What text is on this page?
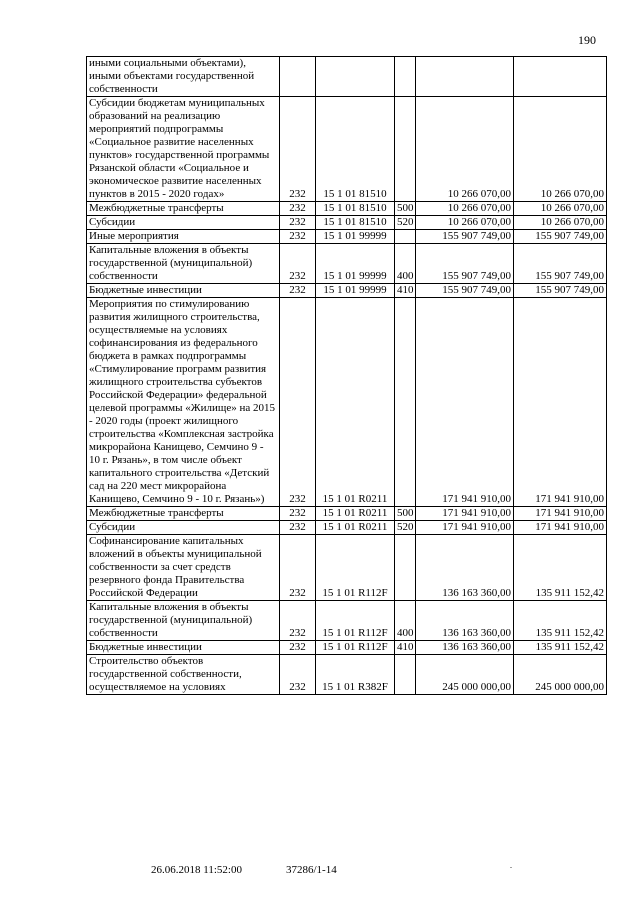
190
иными социальными объектами), иными объектами государственной собственности					
Субсидии бюджетам муниципальных образований на реализацию мероприятий подпрограммы «Социальное развитие населенных пунктов» государственной программы Рязанской области «Социальное и экономическое развитие населенных пунктов в 2015 - 2020 годах»	232	15 1 01 81510		10 266 070,00	10 266 070,00
Межбюджетные трансферты	232	15 1 01 81510	500	10 266 070,00	10 266 070,00
Субсидии	232	15 1 01 81510	520	10 266 070,00	10 266 070,00
Иные мероприятия	232	15 1 01 99999		155 907 749,00	155 907 749,00
Капитальные вложения в объекты государственной (муниципальной) собственности	232	15 1 01 99999	400	155 907 749,00	155 907 749,00
Бюджетные инвестиции	232	15 1 01 99999	410	155 907 749,00	155 907 749,00
Мероприятия по стимулированию развития жилищного строительства, осуществляемые на условиях софинансирования из федерального бюджета в рамках подпрограммы «Стимулирование программ развития жилищного строительства субъектов Российской Федерации» федеральной целевой программы «Жилище» на 2015 - 2020 годы (проект жилищного строительства «Комплексная застройка микрорайона Канищево, Семчино 9 - 10 г. Рязань», в том числе объект капитального строительства «Детский сад на 220 мест микрорайона Канищево, Семчино 9 - 10 г. Рязань»)	232	15 1 01 R0211		171 941 910,00	171 941 910,00
Межбюджетные трансферты	232	15 1 01 R0211	500	171 941 910,00	171 941 910,00
Субсидии	232	15 1 01 R0211	520	171 941 910,00	171 941 910,00
Софинансирование капитальных вложений в объекты муниципальной собственности за счет средств резервного фонда Правительства Российской Федерации	232	15 1 01 R112F		136 163 360,00	135 911 152,42
Капитальные вложения в объекты государственной (муниципальной) собственности	232	15 1 01 R112F	400	136 163 360,00	135 911 152,42
Бюджетные инвестиции	232	15 1 01 R112F	410	136 163 360,00	135 911 152,42
Строительство объектов государственной собственности, осуществляемое на условиях	232	15 1 01 R382F		245 000 000,00	245 000 000,00
26.06.2018 11:52:00	37286/1-14	.
